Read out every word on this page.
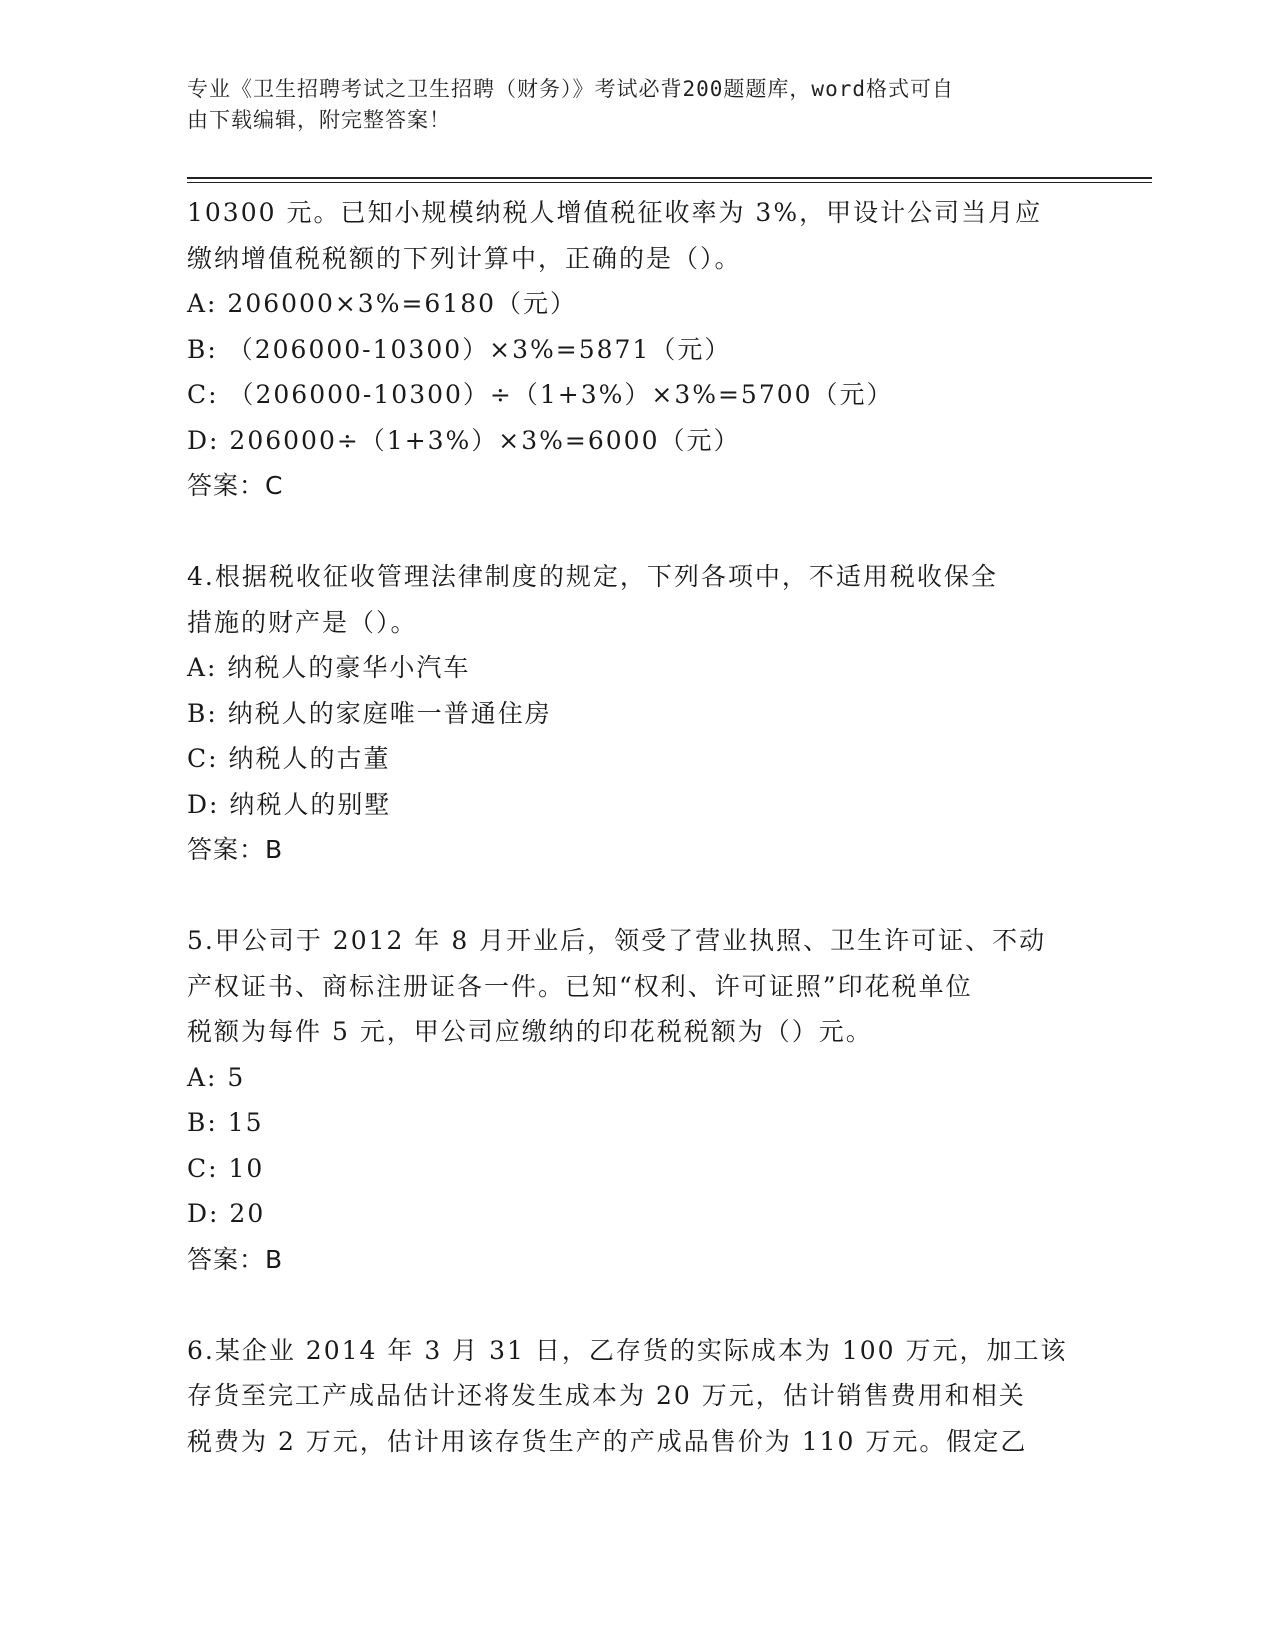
专业《卫生招聘考试之卫生招聘（财务）》考试必背200题题库，word格式可自
由下载编辑，附完整答案！
10300 元。已知小规模纳税人增值税征收率为 3%，甲设计公司当月应
缴纳增值税税额的下列计算中，正确的是（）。
A: 206000×3%=6180（元）
B: （206000-10300）×3%=5871（元）
C: （206000-10300）÷（1+3%）×3%=5700（元）
D: 206000÷（1+3%）×3%=6000（元）
答案：C
4.根据税收征收管理法律制度的规定，下列各项中，不适用税收保全
措施的财产是（）。
A: 纳税人的豪华小汽车
B: 纳税人的家庭唯一普通住房
C: 纳税人的古董
D: 纳税人的别墅
答案：B
5.甲公司于 2012 年 8 月开业后，领受了营业执照、卫生许可证、不动
产权证书、商标注册证各一件。已知“权利、许可证照”印花税单位
税额为每件 5 元，甲公司应缴纳的印花税税额为（）元。
A: 5
B: 15
C: 10
D: 20
答案：B
6.某企业 2014 年 3 月 31 日，乙存货的实际成本为 100 万元，加工该
存货至完工产成品估计还将发生成本为 20 万元，估计销售费用和相关
税费为 2 万元，估计用该存货生产的产成品售价为 110 万元。假定乙
